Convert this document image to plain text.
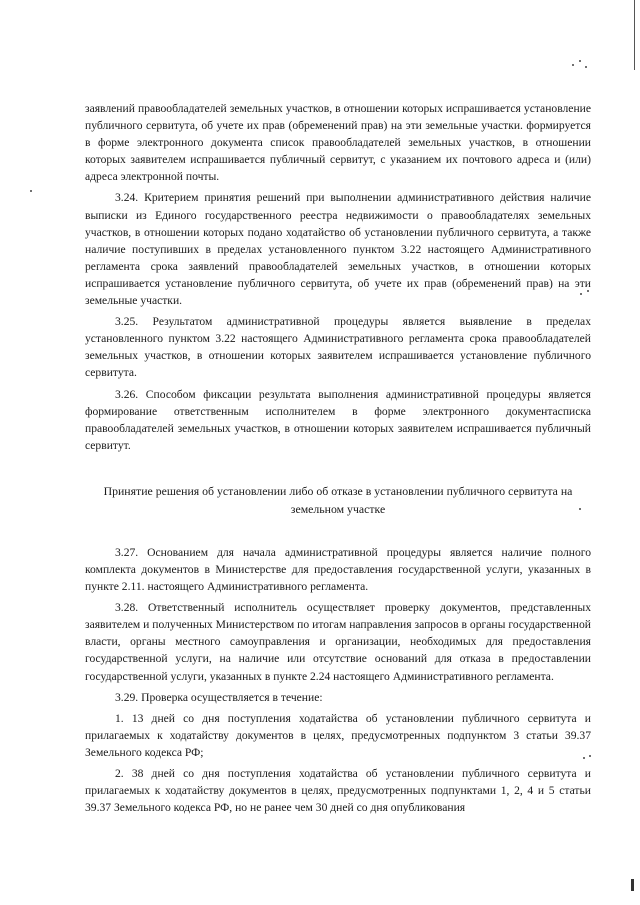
заявлений правообладателей земельных участков, в отношении которых испрашивается установление публичного сервитута, об учете их прав (обременений прав) на эти земельные участки. формируется в форме электронного документа список правообладателей земельных участков, в отношении которых заявителем испрашивается публичный сервитут, с указанием их почтового адреса и (или) адреса электронной почты.

3.24. Критерием принятия решений при выполнении административного действия наличие выписки из Единого государственного реестра недвижимости о правообладателях земельных участков, в отношении которых подано ходатайство об установлении публичного сервитута, а также наличие поступивших в пределах установленного пунктом 3.22 настоящего Административного регламента срока заявлений правообладателей земельных участков, в отношении которых испрашивается установление публичного сервитута, об учете их прав (обременений прав) на эти земельные участки.

3.25. Результатом административной процедуры является выявление в пределах установленного пунктом 3.22 настоящего Административного регламента срока правообладателей земельных участков, в отношении которых заявителем испрашивается установление публичного сервитута.

3.26. Способом фиксации результата выполнения административной процедуры является формирование ответственным исполнителем в форме электронного документасписка правообладателей земельных участков, в отношении которых заявителем испрашивается публичный сервитут.

Принятие решения об установлении либо об отказе в установлении публичного сервитута на земельном участке

3.27. Основанием для начала административной процедуры является наличие полного комплекта документов в Министерстве для предоставления государственной услуги, указанных в пункте 2.11. настоящего Административного регламента.

3.28. Ответственный исполнитель осуществляет проверку документов, представленных заявителем и полученных Министерством по итогам направления запросов в органы государственной власти, органы местного самоуправления и организации, необходимых для предоставления государственной услуги, на наличие или отсутствие оснований для отказа в предоставлении государственной услуги, указанных в пункте 2.24 настоящего Административного регламента.

3.29. Проверка осуществляется в течение:

1. 13 дней со дня поступления ходатайства об установлении публичного сервитута и прилагаемых к ходатайству документов в целях, предусмотренных подпунктом 3 статьи 39.37 Земельного кодекса РФ;

2. 38 дней со дня поступления ходатайства об установлении публичного сервитута и прилагаемых к ходатайству документов в целях, предусмотренных подпунктами 1, 2, 4 и 5 статьи 39.37 Земельного кодекса РФ, но не ранее чем 30 дней со дня опубликования
